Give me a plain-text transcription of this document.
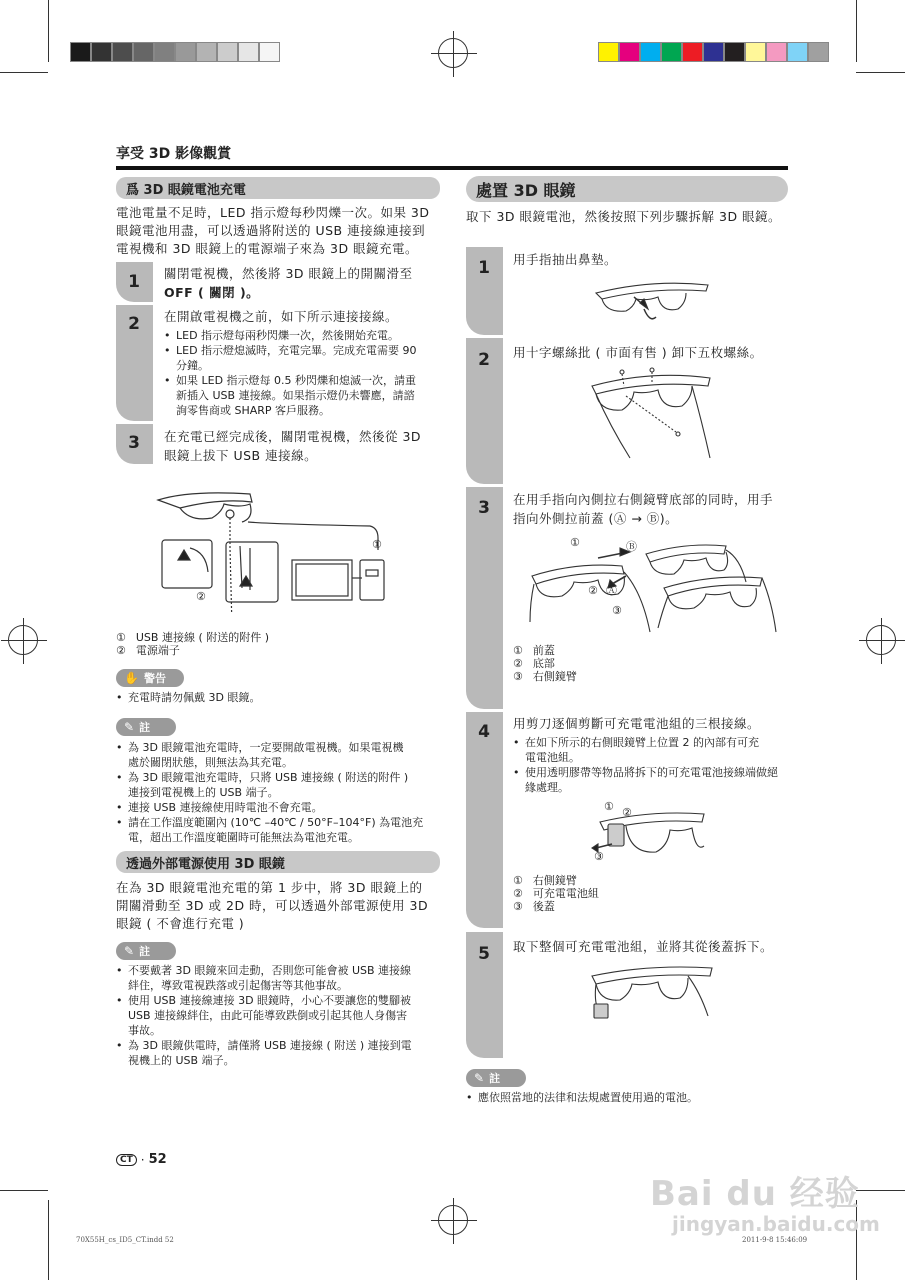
享受 3D 影像觀賞
爲 3D 眼鏡電池充電
電池電量不足時，LED 指示燈每秒閃爍一次。如果 3D
眼鏡電池用盡，可以透過將附送的 USB 連接線連接到
電視機和 3D 眼鏡上的電源端子來為 3D 眼鏡充電。
1	關閉電視機，然後將 3D 眼鏡上的開關滑至
OFF ( 關閉 )。
2	在開啟電視機之前，如下所示連接接線。
• LED 指示燈每兩秒閃爍一次，然後開始充電。
• LED 指示燈熄滅時，充電完畢。完成充電需要 90
分鐘。
• 如果 LED 指示燈每 0.5 秒閃爍和熄滅一次，請重
新插入 USB 連接線。如果指示燈仍未響應，請諮
詢零售商或 SHARP 客戶服務。
3	在充電已經完成後，關閉電視機，然後從 3D
眼鏡上拔下 USB 連接線。
①
②
① USB 連接線 ( 附送的附件 )
② 電源端子
✋ 警告
• 充電時請勿佩戴 3D 眼鏡。
✎ 註
• 為 3D 眼鏡電池充電時，一定要開啟電視機。如果電視機
處於關閉狀態，則無法為其充電。
• 為 3D 眼鏡電池充電時，只將 USB 連接線 ( 附送的附件 )
連接到電視機上的 USB 端子。
• 連接 USB 連接線使用時電池不會充電。
• 請在工作溫度範圍內 (10℃ –40℃ / 50°F–104°F) 為電池充
電，超出工作溫度範圍時可能無法為電池充電。
透過外部電源使用 3D 眼鏡
在為 3D 眼鏡電池充電的第 1 步中，將 3D 眼鏡上的
開關滑動至 3D 或 2D 時，可以透過外部電源使用 3D
眼鏡 ( 不會進行充電 )
✎ 註
• 不要戴著 3D 眼鏡來回走動，否則您可能會被 USB 連接線
絆住，導致電視跌落或引起傷害等其他事故。
• 使用 USB 連接線連接 3D 眼鏡時，小心不要讓您的雙腳被
USB 連接線絆住，由此可能導致跌倒或引起其他人身傷害
事故。
• 為 3D 眼鏡供電時，請僅將 USB 連接線 ( 附送 ) 連接到電
視機上的 USB 端子。
處置 3D 眼鏡
取下 3D 眼鏡電池，然後按照下列步驟拆解 3D 眼鏡。
1	用手指抽出鼻墊。
2	用十字螺絲批 ( 市面有售 ) 卸下五枚螺絲。
3	在用手指向內側拉右側鏡臂底部的同時，用手
指向外側拉前蓋 (Ⓐ → Ⓑ)。
①	Ⓑ
② Ⓐ
③
① 前蓋
② 底部
③ 右側鏡臂
4	用剪刀逐個剪斷可充電電池組的三根接線。
• 在如下所示的右側眼鏡臂上位置 2 的內部有可充
電電池組。
• 使用透明膠帶等物品將拆下的可充電電池接線端做絕
緣處理。
① ②
③
① 右側鏡臂
② 可充電電池組
③ 後蓋
5	取下整個可充電電池組，並將其從後蓋拆下。
✎ 註
• 應依照當地的法律和法規處置使用過的電池。
CT · 52
Bai du 经验
jingyan.baidu.com
70X55H_cs_ID5_CT.indd 52	2011-9-8 15:46:09
